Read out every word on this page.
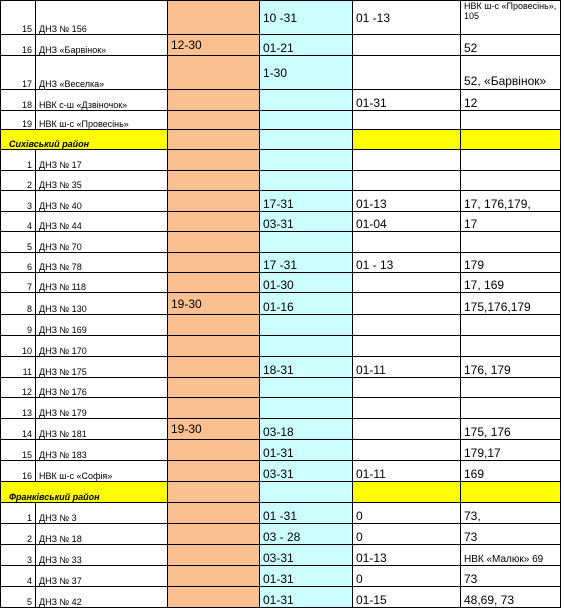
15	ДНЗ № 156		10 -31	01 -13	НВК ш-с «Провесінь», 105
16	ДНЗ «Барвінок»	12-30	01-21		52
17	ДНЗ «Веселка»		1-30		52, «Барвінок»
18	НВК с-ш «Дзвіночок»			01-31	12
19	НВК ш-с «Провесінь»				
Сихівський район					
1	ДНЗ № 17				
2	ДНЗ № 35				
3	ДНЗ № 40		17-31	01-13	17, 176,179,
4	ДНЗ № 44		03-31	01-04	17
5	ДНЗ № 70				
6	ДНЗ № 78		17 -31	01 - 13	179
7	ДНЗ № 118		01-30		17, 169
8	ДНЗ № 130	19-30	01-16		175,176,179
9	ДНЗ № 169				
10	ДНЗ № 170				
11	ДНЗ № 175		18-31	01-11	176, 179
12	ДНЗ № 176				
13	ДНЗ № 179				
14	ДНЗ № 181	19-30	03-18		175, 176
15	ДНЗ № 183		01-31		179,17
16	НВК ш-с «Софія»		03-31	01-11	169
Франківський район					
1	ДНЗ № 3		01 -31	0	73,
2	ДНЗ № 18		03 - 28	0	73
3	ДНЗ № 33		03-31	01-13	НВК «Малюк» 69
4	ДНЗ № 37		01-31	0	73
5	ДНЗ № 42		01-31	01-15	48,69, 73
